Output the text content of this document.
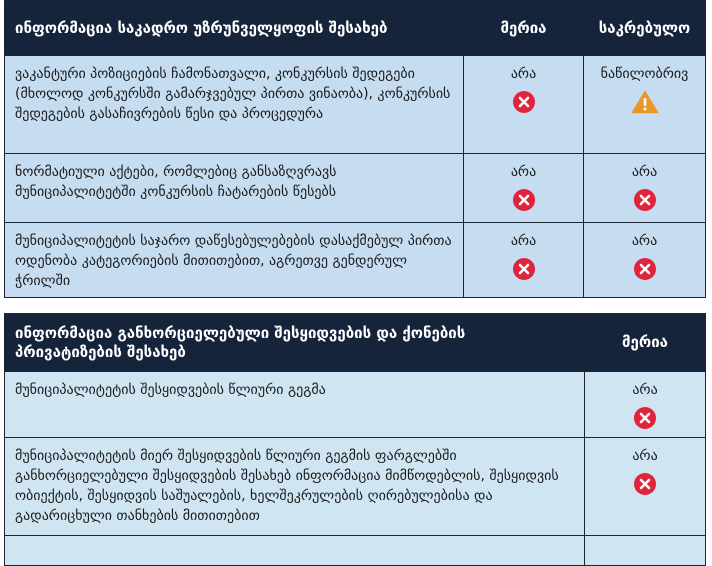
ინფორმაცია საკადრო უზრუნველყოფის შესახებ	მერია	საკრებულო
ვაკანტური პოზიციების ჩამონათვალი, კონკურსის შედეგები (მხოლოდ კონკურსში გამარჯვებულ პირთა ვინაობა), კონკურსის შედეგების გასაჩივრების წესი და პროცედურა	არა	ნაწილობრივ

ნორმატიული აქტები, რომლებიც განსაზღვრავს მუნიციპალიტეტში კონკურსის ჩატარების წესებს	არა	არა

მუნიციპალიტეტის საჯარო დაწესებულებების დასაქმებულ პირთა ოდენობა კატეგორიების მითითებით, აგრეთვე გენდერულ ჭრილში	არა	არა
ინფორმაცია განხორციელებული შესყიდვების და ქონების პრივატიზების შესახებ	მერია
მუნიციპალიტეტის შესყიდვების წლიური გეგმა	არა

მუნიციპალიტეტის მიერ შესყიდვების წლიური გეგმის ფარგლებში განხორციელებული შესყიდვების შესახებ ინფორმაცია მიმწოდებლის, შესყიდვის ობიექტის, შესყიდვის საშუალების, ხელშეკრულების ღირებულებისა და გადარიცხული თანხების მითითებით	არა
